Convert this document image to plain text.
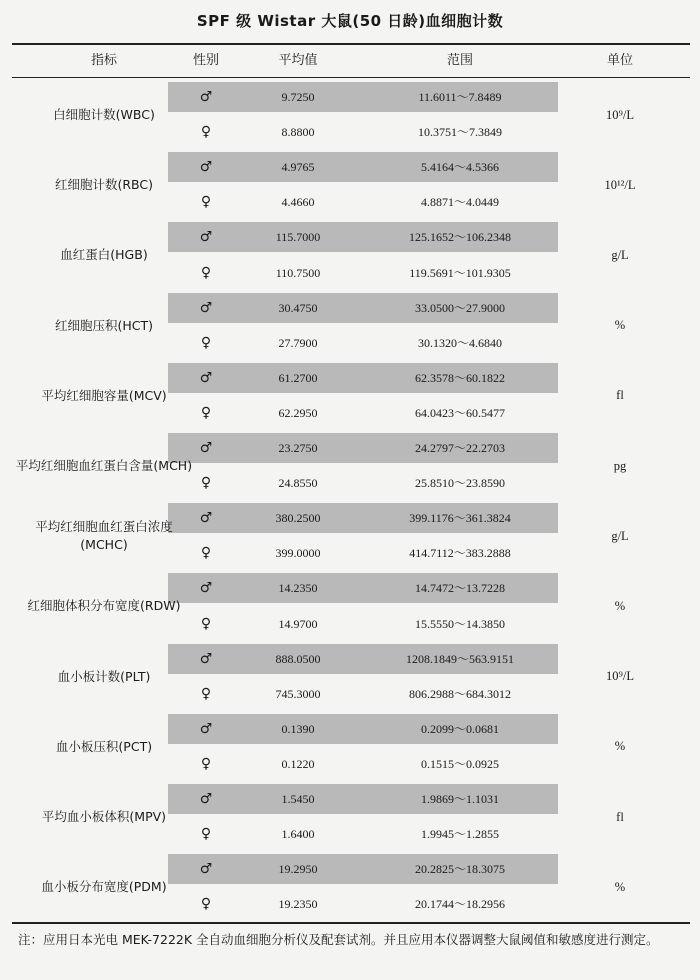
SPF 级 Wistar 大鼠(50 日龄)血细胞计数
指标	性别	平均值	范围	单位
白细胞计数(WBC)	10⁹/L
♂	9.7250	11.6011～7.8489
♀	8.8800	10.3751～7.3849
红细胞计数(RBC)	10¹²/L
♂	4.9765	5.4164～4.5366
♀	4.4660	4.8871～4.0449
血红蛋白(HGB)	g/L
♂	115.7000	125.1652～106.2348
♀	110.7500	119.5691～101.9305
红细胞压积(HCT)	%
♂	30.4750	33.0500～27.9000
♀	27.7900	30.1320～4.6840
平均红细胞容量(MCV)	fl
♂	61.2700	62.3578～60.1822
♀	62.2950	64.0423～60.5477
平均红细胞血红蛋白含量(MCH)	pg
♂	23.2750	24.2797～22.2703
♀	24.8550	25.8510～23.8590
平均红细胞血红蛋白浓度(MCHC)
g/L
♂	380.2500	399.1176～361.3824
♀	399.0000	414.7112～383.2888
红细胞体积分布宽度(RDW)	%
♂	14.2350	14.7472～13.7228
♀	14.9700	15.5550～14.3850
血小板计数(PLT)	10⁹/L
♂	888.0500	1208.1849～563.9151
♀	745.3000	806.2988～684.3012
血小板压积(PCT)	%
♂	0.1390	0.2099～0.0681
♀	0.1220	0.1515～0.0925
平均血小板体积(MPV)	fl
♂	1.5450	1.9869～1.1031
♀	1.6400	1.9945～1.2855
血小板分布宽度(PDM)	%
♂	19.2950	20.2825～18.3075
♀	19.2350	20.1744～18.2956
注：应用日本光电 MEK-7222K 全自动血细胞分析仪及配套试剂。并且应用本仪器调整大鼠阈值和敏感度进行测定。
